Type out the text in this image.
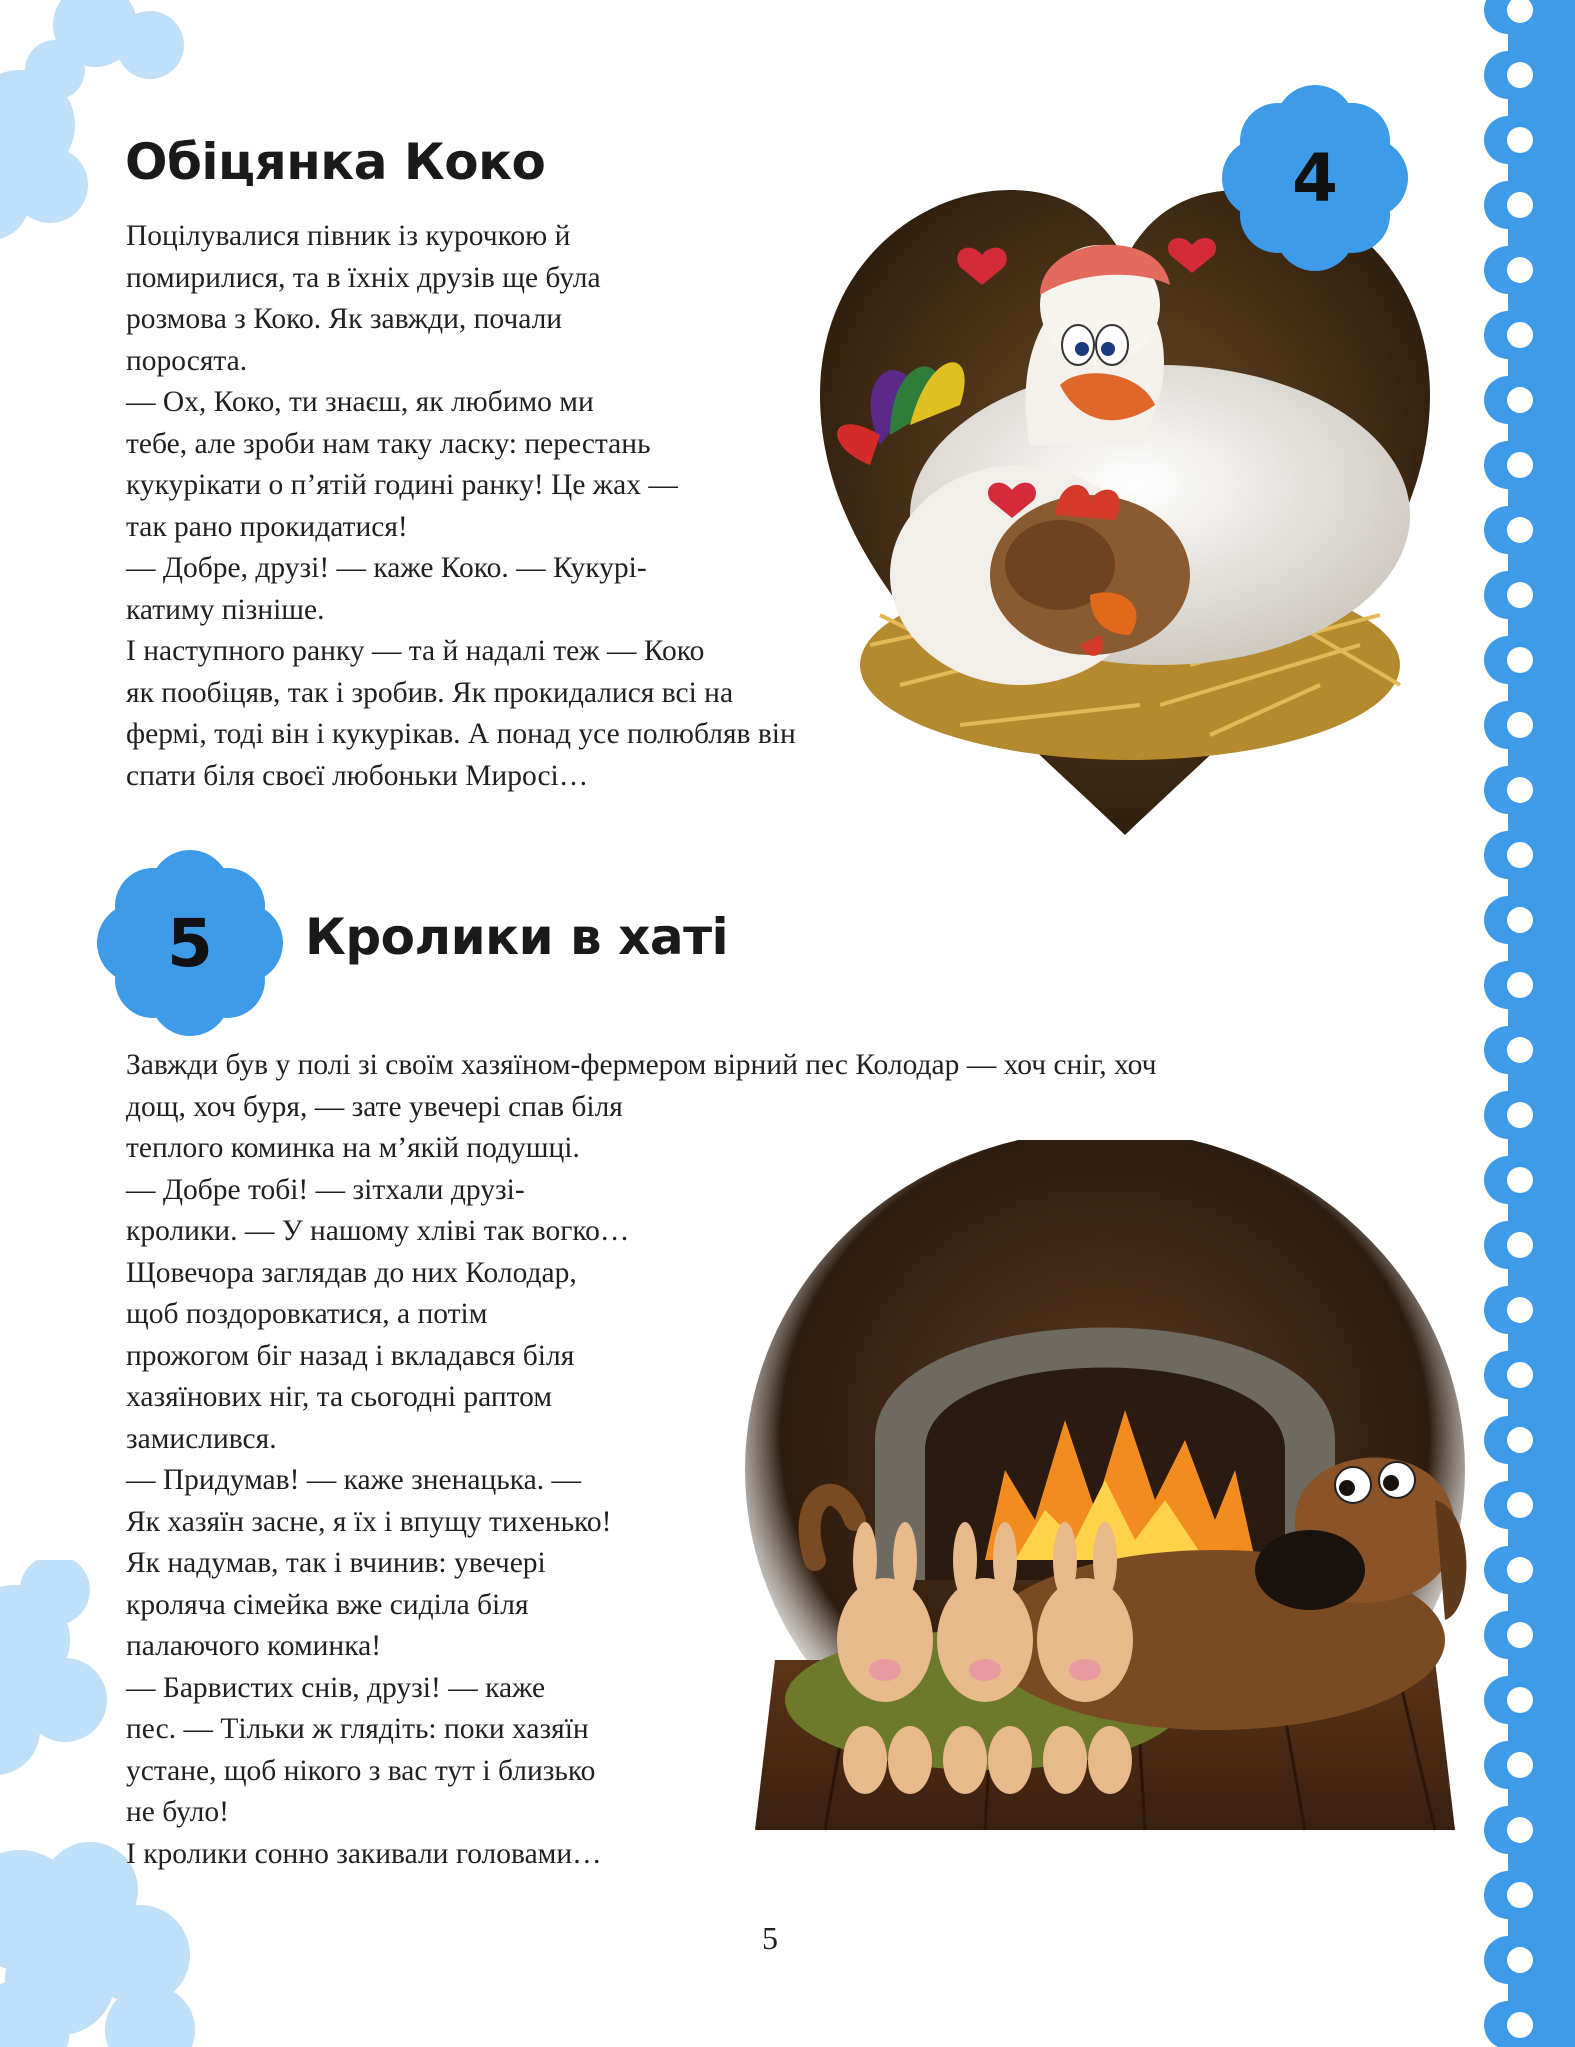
Обіцянка Коко	4

Поцілувалися півник із курочкою й
помирилися, та в їхніх друзів ще була
розмова з Коко. Як завжди, почали
поросята.
— Ох, Коко, ти знаєш, як любимо ми
тебе, але зроби нам таку ласку: перестань
кукурікати о п’ятій годині ранку! Це жах —
так рано прокидатися!
— Добре, друзі! — каже Коко. — Кукурі-
катиму пізніше.
І наступного ранку — та й надалі теж — Коко
як пообіцяв, так і зробив. Як прокидалися всі на
фермі, тоді він і кукурікав. А понад усе полюбляв він
спати біля своєї любоньки Миросі…

5	Кролики в хаті

Завжди був у полі зі своїм хазяїном-фермером вірний пес Колодар — хоч сніг, хоч
дощ, хоч буря, — зате увечері спав біля
теплого коминка на м’якій подушці.
— Добре тобі! — зітхали друзі-
кролики. — У нашому хліві так вогко…
Щовечора заглядав до них Колодар,
щоб поздоровкатися, а потім
прожогом біг назад і вкладався біля
хазяїнових ніг, та сьогодні раптом
замислився.
— Придумав! — каже зненацька. —
Як хазяїн засне, я їх і впущу тихенько!
Як надумав, так і вчинив: увечері
кроляча сімейка вже сиділа біля
палаючого коминка!
— Барвистих снів, друзі! — каже
пес. — Тільки ж глядіть: поки хазяїн
устане, щоб нікого з вас тут і близько
не було!
І кролики сонно закивали головами…

5
